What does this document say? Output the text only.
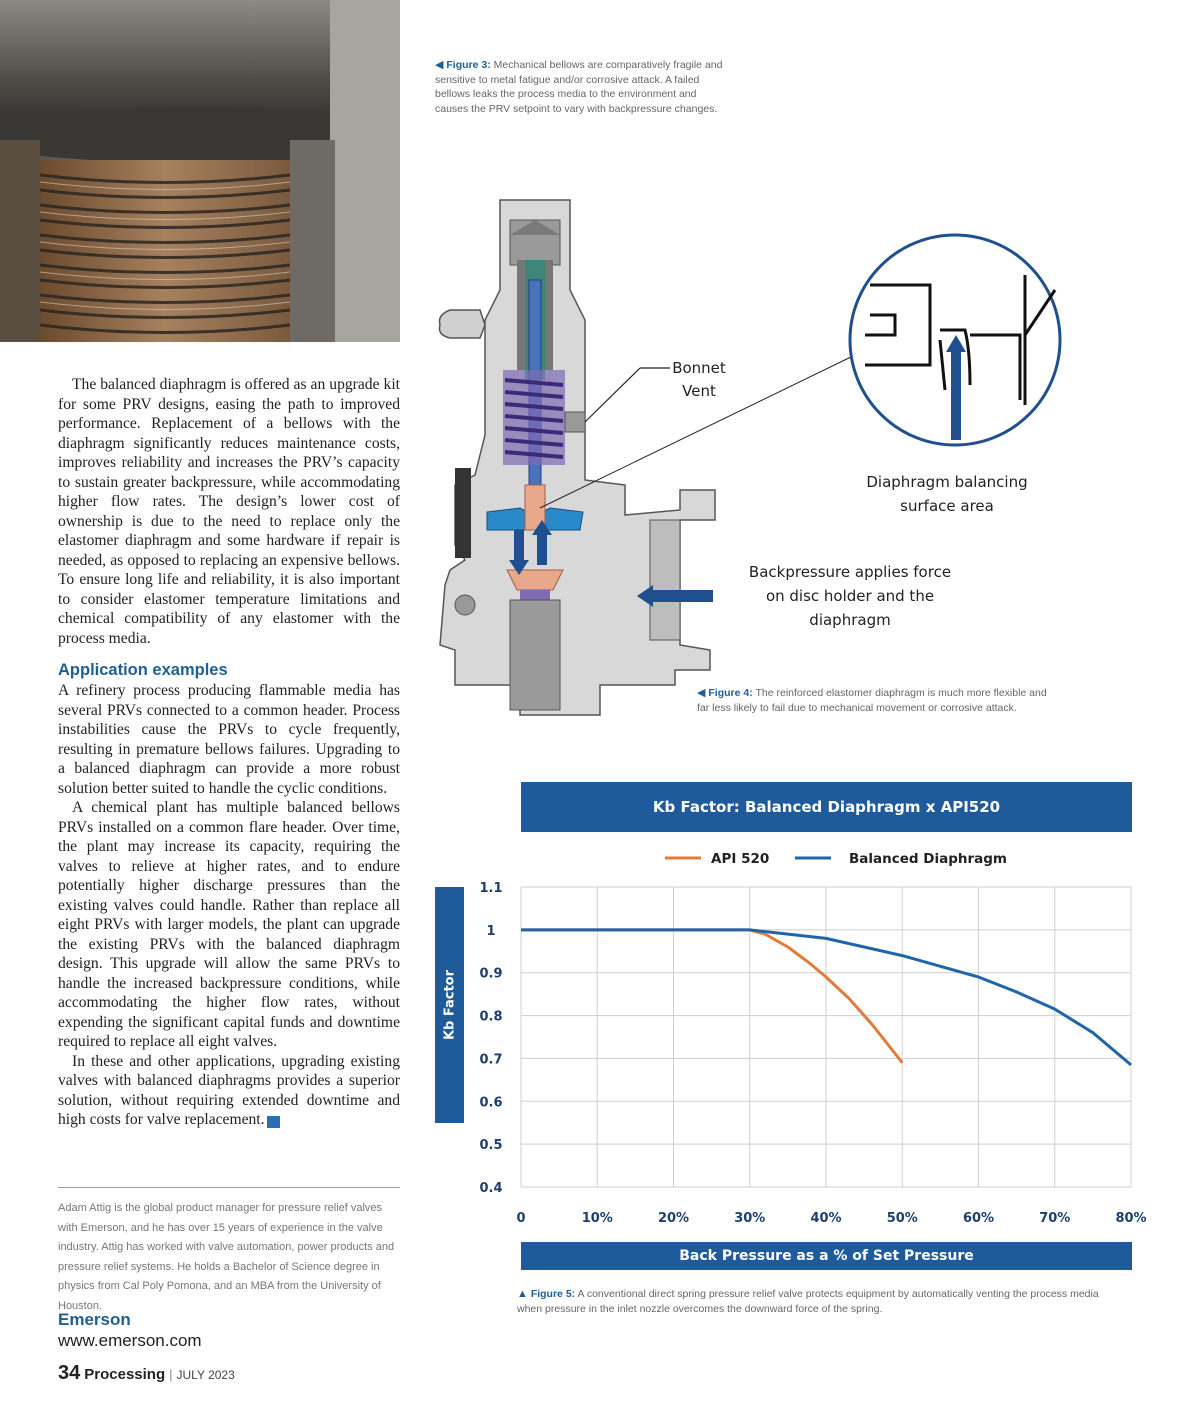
◀ Figure 3: Mechanical bellows are comparatively fragile and sensitive to metal fatigue and/or corrosive attack. A failed bellows leaks the process media to the environment and causes the PRV setpoint to vary with backpressure changes.
Bonnet
Vent
Diaphragm balancing
surface area
Backpressure applies force
on disc holder and the
diaphragm
◀ Figure 4: The reinforced elastomer diaphragm is much more flexible and far less likely to fail due to mechanical movement or corrosive attack.

The balanced diaphragm is offered as an upgrade kit for some PRV designs, easing the path to improved performance. Replacement of a bellows with the diaphragm significantly reduces maintenance costs, improves reliability and increases the PRV’s capacity to sustain greater backpressure, while accommodating higher flow rates. The design’s lower cost of ownership is due to the need to replace only the elastomer diaphragm and some hardware if repair is needed, as opposed to replacing an expensive bellows. To ensure long life and reliability, it is also important to consider elastomer temperature limitations and chemical compatibility of any elastomer with the process media.

Application examples

A refinery process producing flammable media has several PRVs connected to a common header. Process instabilities cause the PRVs to cycle frequently, resulting in premature bellows failures. Upgrading to a balanced diaphragm can provide a more robust solution better suited to handle the cyclic conditions.

A chemical plant has multiple balanced bellows PRVs installed on a common flare header. Over time, the plant may increase its capacity, requiring the valves to relieve at higher rates, and to endure potentially higher discharge pressures than the existing valves could handle. Rather than replace all eight PRVs with larger models, the plant can upgrade the existing PRVs with the balanced diaphragm design. This upgrade will allow the same PRVs to handle the increased backpressure conditions, while accommodating the higher flow rates, without expending the significant capital funds and downtime required to replace all eight valves.

In these and other applications, upgrading existing valves with balanced diaphragms provides a superior solution, without requiring extended downtime and high costs for valve replacement. PR

Adam Attig is the global product manager for pressure relief valves with Emerson, and he has over 15 years of experience in the valve industry. Attig has worked with valve automation, power products and pressure relief systems. He holds a Bachelor of Science degree in physics from Cal Poly Pomona, and an MBA from the University of Houston.
Emerson
www.emerson.com
34 Processing | JULY 2023
Kb Factor: Balanced Diaphragm x API520
Kb Factor
API 520	Balanced Diaphragm
1.1
1
0.9
0.8
0.7
0.6
0.5
0.4
0	10%	20%	30%	40%	50%	60%	70%	80%
Back Pressure as a % of Set Pressure
▲ Figure 5: A conventional direct spring pressure relief valve protects equipment by automatically venting the process media when pressure in the inlet nozzle overcomes the downward force of the spring.
